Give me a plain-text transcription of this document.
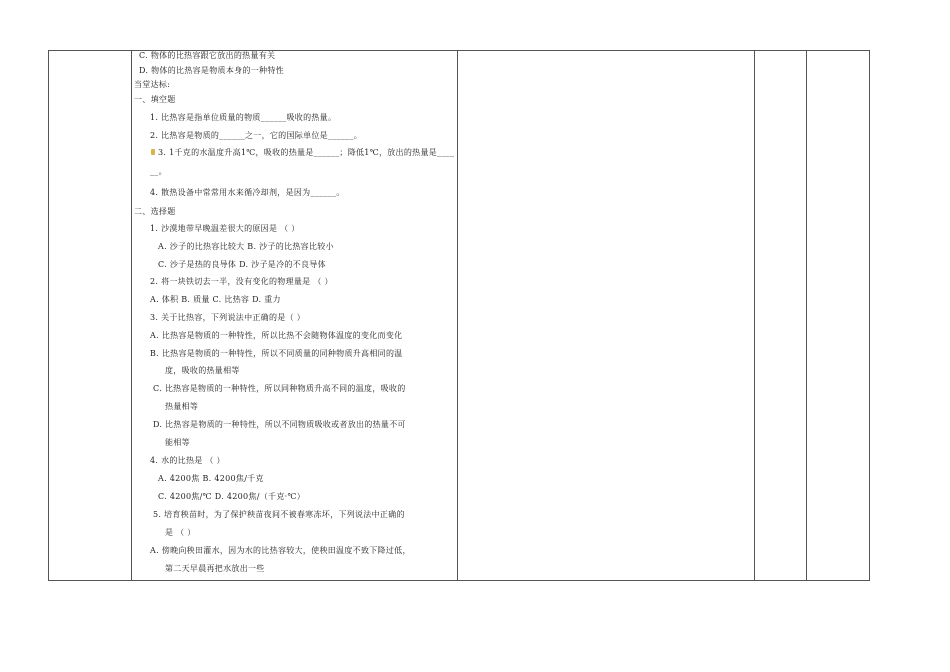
C. 物体的比热容跟它放出的热量有关
D. 物体的比热容是物质本身的一种特性
当堂达标:
一、填空题
1. 比热容是指单位质量的物质______吸收的热量。
2. 比热容是物质的______之一，它的国际单位是______。
3. 1千克的水温度升高1℃，吸收的热量是______；降低1℃，放出的热量是____
__。
4. 散热设备中常常用水来循冷却剂，是因为______。
二、选择题
1. 沙漠地带早晚温差很大的原因是 （ ）
A. 沙子的比热容比较大 B. 沙子的比热容比较小
C. 沙子是热的良导体 D. 沙子是冷的不良导体
2. 将一块铁切去一半，没有变化的物理量是 （ ）
A. 体积 B. 质量 C. 比热容 D. 重力
3. 关于比热容，下列说法中正确的是（ ）
A. 比热容是物质的一种特性，所以比热不会随物体温度的变化而变化
B. 比热容是物质的一种特性，所以不同质量的同种物质升高相同的温
度，吸收的热量相等
C. 比热容是物质的一种特性，所以同种物质升高不同的温度，吸收的
热量相等
D. 比热容是物质的一种特性，所以不同物质吸收或者放出的热量不可
能相等
4. 水的比热是 （ ）
A. 4200焦 B. 4200焦/千克
C. 4200焦/℃ D. 4200焦/（千克·℃）
5. 培育秧苗时，为了保护秧苗夜间不被春寒冻坏，下列说法中正确的
是 （ ）
A. 傍晚向秧田灌水，因为水的比热容较大，使秧田温度不致下降过低，
第二天早晨再把水放出一些
